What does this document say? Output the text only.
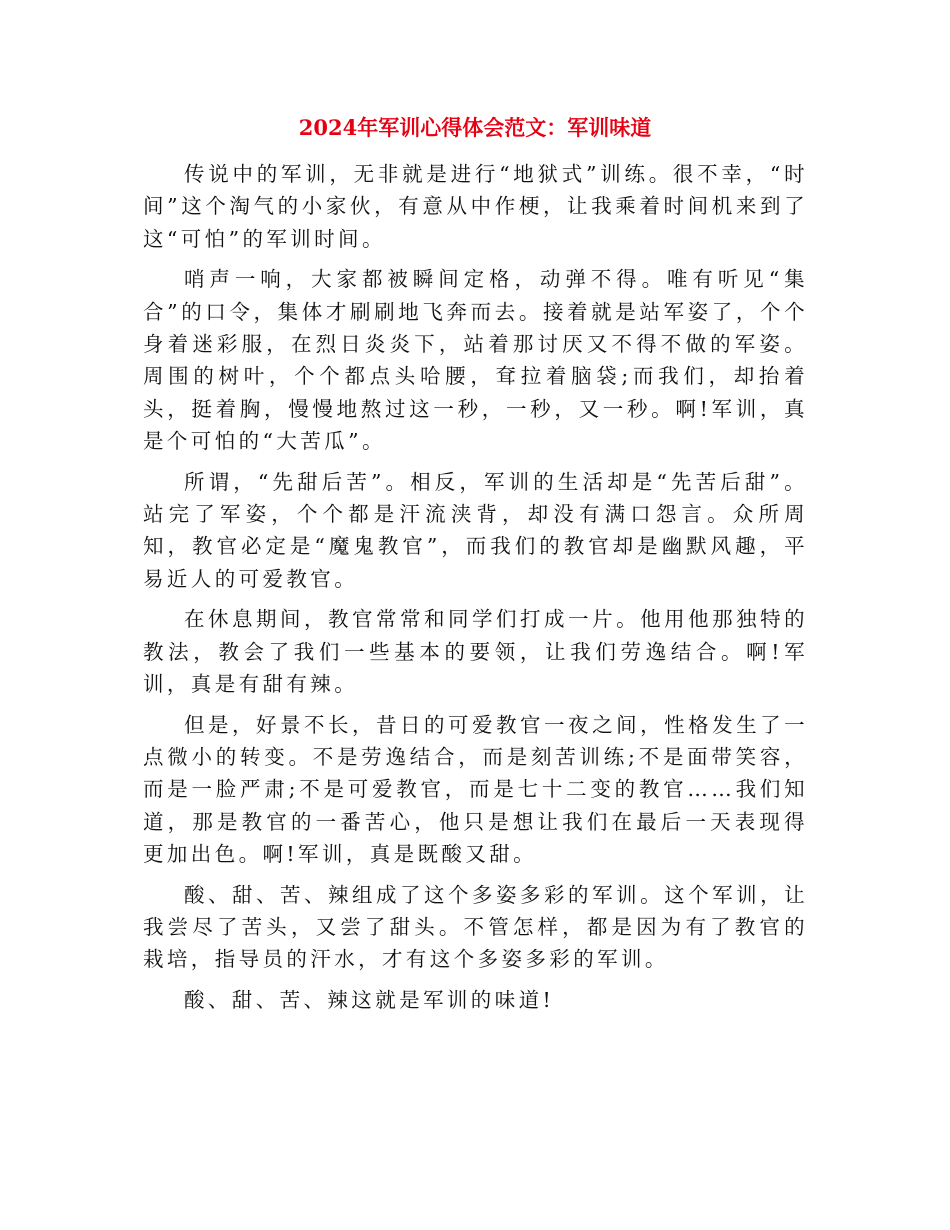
2024年军训心得体会范文：军训味道

传说中的军训，无非就是进行“地狱式”训练。很不幸，“时间”这个淘气的小家伙，有意从中作梗，让我乘着时间机来到了这“可怕”的军训时间。

哨声一响，大家都被瞬间定格，动弹不得。唯有听见“集合”的口令，集体才刷刷地飞奔而去。接着就是站军姿了，个个身着迷彩服，在烈日炎炎下，站着那讨厌又不得不做的军姿。周围的树叶，个个都点头哈腰，耷拉着脑袋;而我们，却抬着头，挺着胸，慢慢地熬过这一秒，一秒，又一秒。啊!军训，真是个可怕的“大苦瓜”。

所谓，“先甜后苦”。相反，军训的生活却是“先苦后甜”。站完了军姿，个个都是汗流浃背，却没有满口怨言。众所周知，教官必定是“魔鬼教官”，而我们的教官却是幽默风趣，平易近人的可爱教官。

在休息期间，教官常常和同学们打成一片。他用他那独特的教法，教会了我们一些基本的要领，让我们劳逸结合。啊!军训，真是有甜有辣。

但是，好景不长，昔日的可爱教官一夜之间，性格发生了一点微小的转变。不是劳逸结合，而是刻苦训练;不是面带笑容，而是一脸严肃;不是可爱教官，而是七十二变的教官……我们知道，那是教官的一番苦心，他只是想让我们在最后一天表现得更加出色。啊!军训，真是既酸又甜。

酸、甜、苦、辣组成了这个多姿多彩的军训。这个军训，让我尝尽了苦头，又尝了甜头。不管怎样，都是因为有了教官的栽培，指导员的汗水，才有这个多姿多彩的军训。

酸、甜、苦、辣这就是军训的味道!
